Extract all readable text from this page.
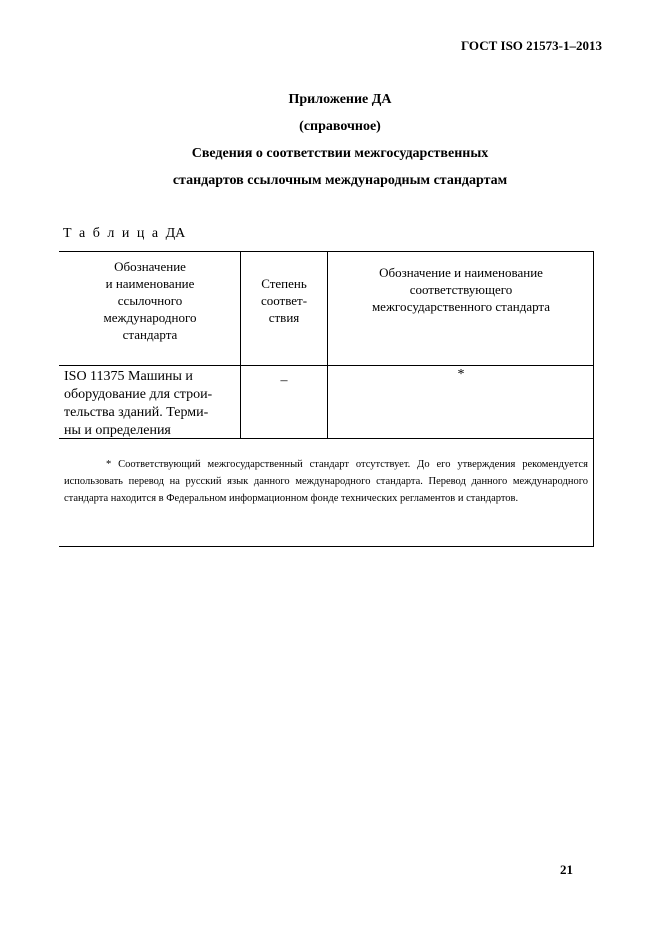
ГОСТ ISO 21573-1–2013
Приложение ДА
(справочное)
Сведения о соответствии межгосударственных
стандартов ссылочным международным стандартам
Т а б л и ц а ДА
Обозначение
и наименование
ссылочного
международного
стандарта
Степень
соответ-
ствия
Обозначение и наименование
соответствующего
межгосударственного стандарта
ISO 11375 Машины и
оборудование для строи-
тельства зданий. Терми-
ны и определения
–	*
* Соответствующий межгосударственный стандарт отсутствует. До его утверждения рекомендуется использовать перевод на русский язык данного международного стандарта. Перевод данного международного стандарта находится в Федеральном информационном фонде технических регламентов и стандартов.
21
